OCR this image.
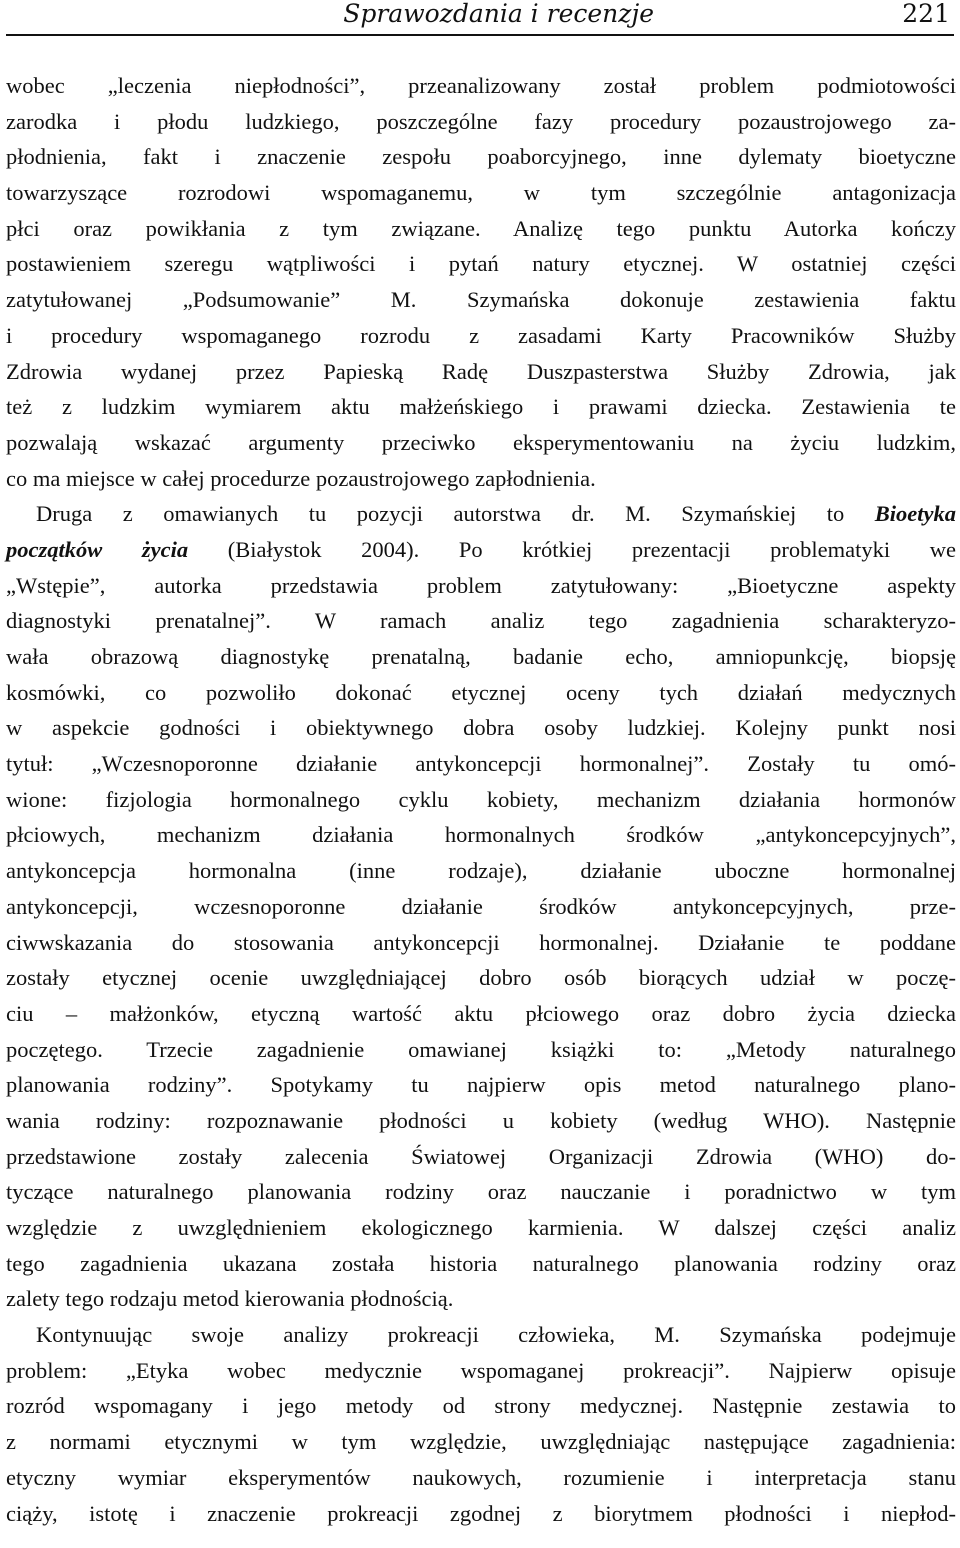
Sprawozdania i recenzje	221
wobec „leczenia niepłodności”, przeanalizowany został problem podmiotowości
zarodka i płodu ludzkiego, poszczególne fazy procedury pozaustrojowego za-
płodnienia, fakt i znaczenie zespołu poaborcyjnego, inne dylematy bioetyczne
towarzyszące rozrodowi wspomaganemu, w tym szczególnie antagonizacja
płci oraz powikłania z tym związane. Analizę tego punktu Autorka kończy
postawieniem szeregu wątpliwości i pytań natury etycznej. W ostatniej części
zatytułowanej „Podsumowanie” M. Szymańska dokonuje zestawienia faktu
i procedury wspomaganego rozrodu z zasadami Karty Pracowników Służby
Zdrowia wydanej przez Papieską Radę Duszpasterstwa Służby Zdrowia, jak
też z ludzkim wymiarem aktu małżeńskiego i prawami dziecka. Zestawienia te
pozwalają wskazać argumenty przeciwko eksperymentowaniu na życiu ludzkim,
co ma miejsce w całej procedurze pozaustrojowego zapłodnienia.
Druga z omawianych tu pozycji autorstwa dr. M. Szymańskiej to Bioetyka
początków życia (Białystok 2004). Po krótkiej prezentacji problematyki we
„Wstępie”, autorka przedstawia problem zatytułowany: „Bioetyczne aspekty
diagnostyki prenatalnej”. W ramach analiz tego zagadnienia scharakteryzo-
wała obrazową diagnostykę prenatalną, badanie echo, amniopunkcję, biopsję
kosmówki, co pozwoliło dokonać etycznej oceny tych działań medycznych
w aspekcie godności i obiektywnego dobra osoby ludzkiej. Kolejny punkt nosi
tytuł: „Wczesnoporonne działanie antykoncepcji hormonalnej”. Zostały tu omó-
wione: fizjologia hormonalnego cyklu kobiety, mechanizm działania hormonów
płciowych, mechanizm działania hormonalnych środków „antykoncepcyjnych”,
antykoncepcja hormonalna (inne rodzaje), działanie uboczne hormonalnej
antykoncepcji, wczesnoporonne działanie środków antykoncepcyjnych, prze-
ciwwskazania do stosowania antykoncepcji hormonalnej. Działanie te poddane
zostały etycznej ocenie uwzględniającej dobro osób biorących udział w poczę-
ciu – małżonków, etyczną wartość aktu płciowego oraz dobro życia dziecka
poczętego. Trzecie zagadnienie omawianej książki to: „Metody naturalnego
planowania rodziny”. Spotykamy tu najpierw opis metod naturalnego plano-
wania rodziny: rozpoznawanie płodności u kobiety (według WHO). Następnie
przedstawione zostały zalecenia Światowej Organizacji Zdrowia (WHO) do-
tyczące naturalnego planowania rodziny oraz nauczanie i poradnictwo w tym
względzie z uwzględnieniem ekologicznego karmienia. W dalszej części analiz
tego zagadnienia ukazana została historia naturalnego planowania rodziny oraz
zalety tego rodzaju metod kierowania płodnością.
Kontynuując swoje analizy prokreacji człowieka, M. Szymańska podejmuje
problem: „Etyka wobec medycznie wspomaganej prokreacji”. Najpierw opisuje
rozród wspomagany i jego metody od strony medycznej. Następnie zestawia to
z normami etycznymi w tym względzie, uwzględniając następujące zagadnienia:
etyczny wymiar eksperymentów naukowych, rozumienie i interpretacja stanu
ciąży, istotę i znaczenie prokreacji zgodnej z biorytmem płodności i niepłod-
